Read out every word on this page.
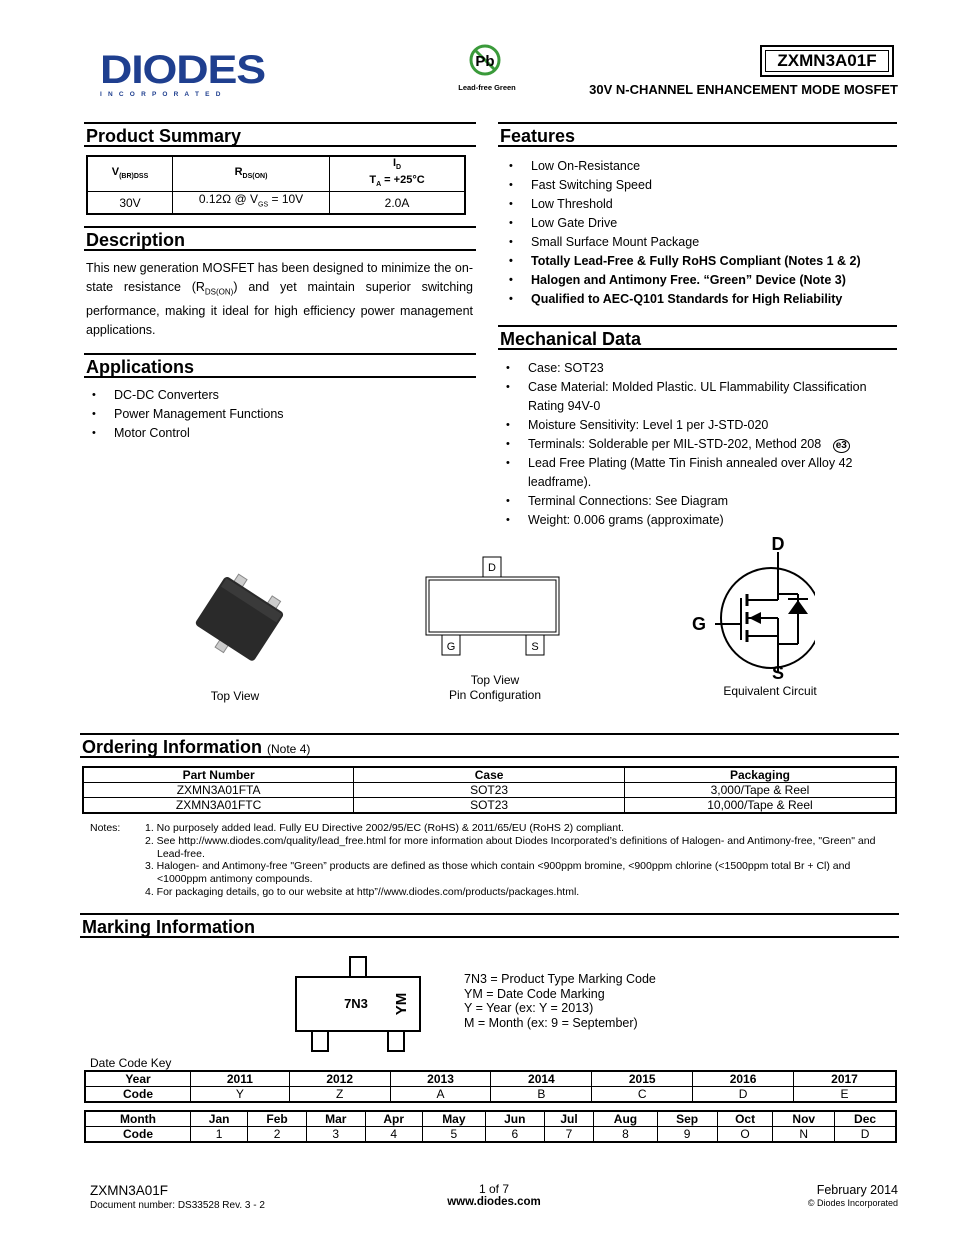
DIODES
I N C O R P O R A T E D
Pb
Lead-free Green
ZXMN3A01F
30V N-CHANNEL ENHANCEMENT MODE MOSFET
Product Summary
$V_{(BR)DSS}$	$R_{DS(ON)}$	$I_D$
$T_A = +25^\circ C$
30V	0.12Ω @ $V_{GS} = 10V$	2.0A
Description
This new generation MOSFET has been designed to minimize the on-state resistance $(R_{DS(ON)})$ and yet maintain superior switching performance, making it ideal for high efficiency power management applications.
Applications
• DC-DC Converters
• Power Management Functions
• Motor Control
Features
• Low On-Resistance
• Fast Switching Speed
• Low Threshold
• Low Gate Drive
• Small Surface Mount Package
• Totally Lead-Free & Fully RoHS Compliant (Notes 1 & 2)
• Halogen and Antimony Free. “Green” Device (Note 3)
• Qualified to AEC-Q101 Standards for High Reliability
Mechanical Data
• Case: SOT23
• Case Material: Molded Plastic. UL Flammability Classification
Rating 94V-0
• Moisture Sensitivity: Level 1 per J-STD-020
• Terminals: Solderable per MIL-STD-202, Method 208 e3
• Lead Free Plating (Matte Tin Finish annealed over Alloy 42
leadframe).
• Terminal Connections: See Diagram
• Weight: 0.006 grams (approximate)
Top View
D
G	S
Top View
Pin Configuration
D
G
S
Equivalent Circuit
Ordering Information (Note 4)
Part Number	Case	Packaging
ZXMN3A01FTA	SOT23	3,000/Tape & Reel
ZXMN3A01FTC	SOT23	10,000/Tape & Reel
Notes: 1. No purposely added lead. Fully EU Directive 2002/95/EC (RoHS) & 2011/65/EU (RoHS 2) compliant.
2. See http://www.diodes.com/quality/lead_free.html for more information about Diodes Incorporated’s definitions of Halogen- and Antimony-free, "Green" and Lead-free.
3. Halogen- and Antimony-free "Green” products are defined as those which contain <900ppm bromine, <900ppm chlorine (<1500ppm total Br + Cl) and <1000ppm antimony compounds.
4. For packaging details, go to our website at http”//www.diodes.com/products/packages.html.
Marking Information
7N3 YM
7N3 = Product Type Marking Code
YM = Date Code Marking
Y = Year (ex: Y = 2013)
M = Month (ex: 9 = September)
Date Code Key
Year	2011	2012	2013	2014	2015	2016	2017
Code	Y	Z	A	B	C	D	E
Month	Jan	Feb	Mar	Apr	May	Jun	Jul	Aug	Sep	Oct	Nov	Dec
Code	1	2	3	4	5	6	7	8	9	O	N	D
ZXMN3A01F
Document number: DS33528 Rev. 3 - 2
1 of 7
www.diodes.com
February 2014
© Diodes Incorporated
